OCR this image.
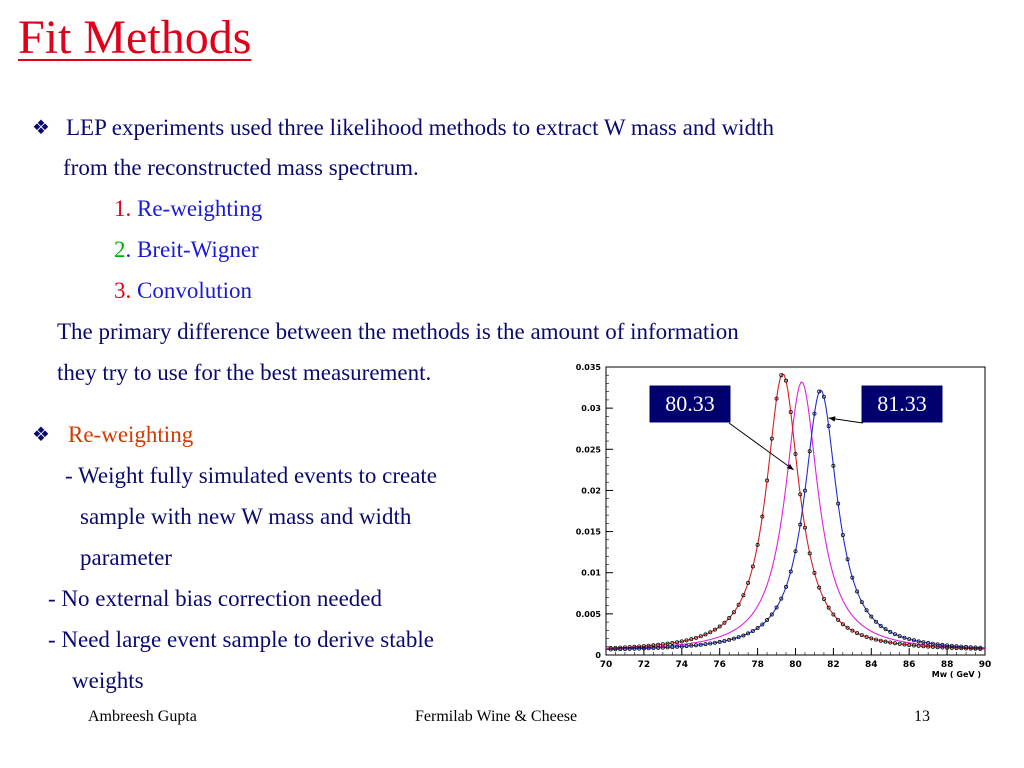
Fit Methods
❖ LEP experiments used three likelihood methods to extract W mass and width
from the reconstructed mass spectrum.
1. Re-weighting
2. Breit-Wigner
3. Convolution
The primary difference between the methods is the amount of information
they try to use for the best measurement.
❖ Re-weighting
- Weight fully simulated events to create
sample with new W mass and width
parameter
- No external bias correction needed
- Need large event sample to derive stable
weights
70	72	74	76	78	80	82	84	86	88	90
0
0.005
0.01
0.015
0.02
0.025
0.03
0.035
Mw ( GeV )
80.33	81.33
Ambreesh Gupta	Fermilab Wine & Cheese	13
